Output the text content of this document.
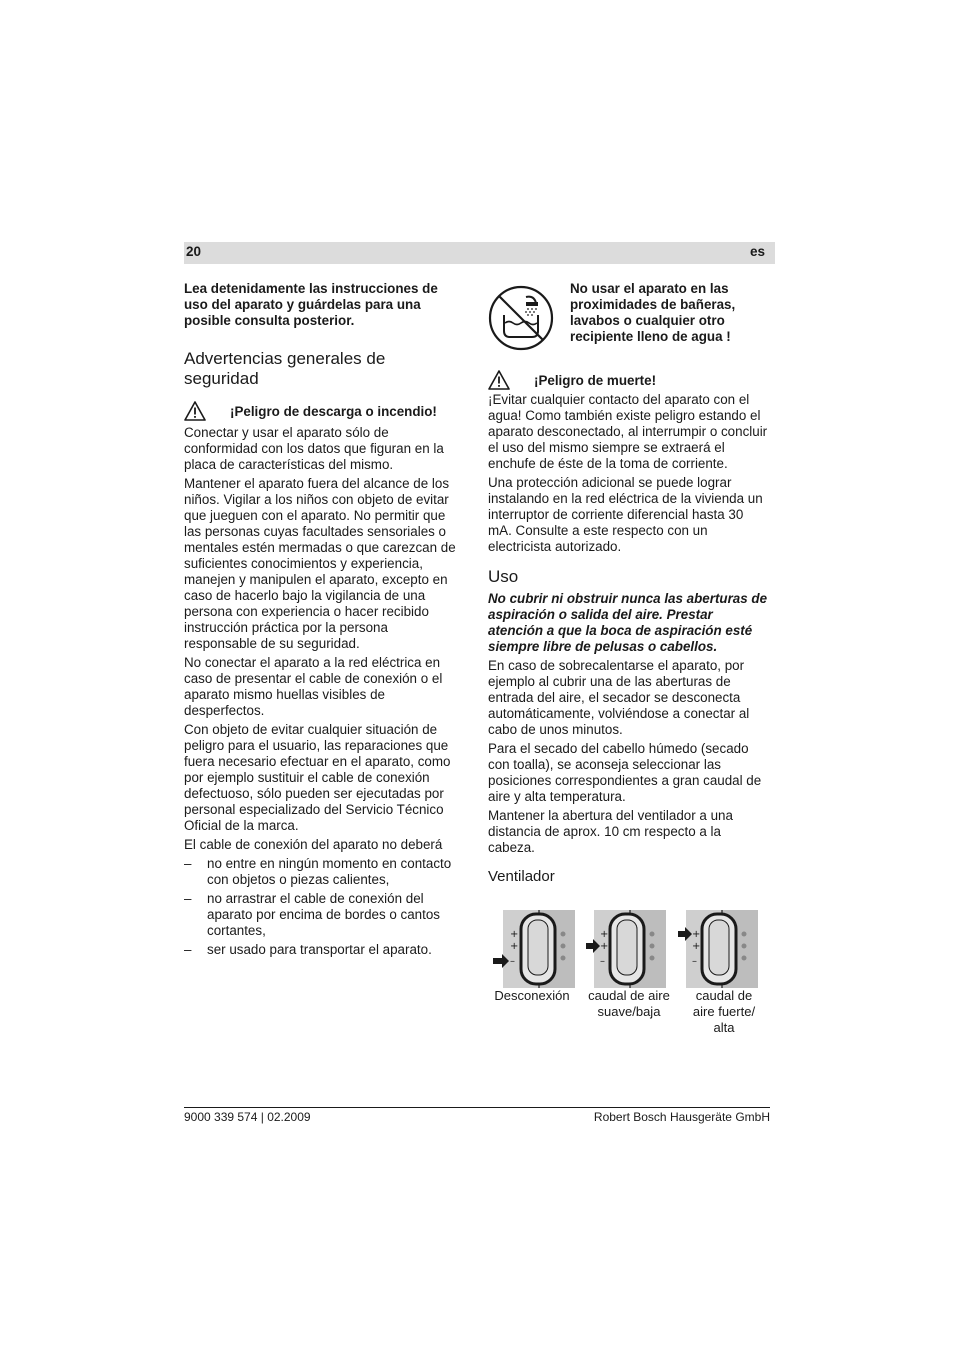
20	es

Lea detenidamente las instrucciones de uso del aparato y guárdelas para una posible consulta posterior.

Advertencias generales de seguridad
¡Peligro de descarga o incendio!

Conectar y usar el aparato sólo de conformidad con los datos que figuran en la placa de características del mismo.

Mantener el aparato fuera del alcance de los niños. Vigilar a los niños con objeto de evitar que jueguen con el aparato. No permitir que las personas cuyas facultades sensoriales o mentales estén mermadas o que carezcan de suficientes conocimientos y experiencia, manejen y manipulen el aparato, excepto en caso de hacerlo bajo la vigilancia de una persona con experiencia o hacer recibido instrucción práctica por la persona responsable de su seguridad.

No conectar el aparato a la red eléctrica en caso de presentar el cable de conexión o el aparato mismo huellas visibles de desperfectos.

Con objeto de evitar cualquier situación de peligro para el usuario, las reparaciones que fuera necesario efectuar en el aparato, como por ejemplo sustituir el cable de conexión defectuoso, sólo pueden ser ejecutadas por personal especializado del Servicio Técnico Oficial de la marca.

El cable de conexión del aparato no deberá

– no entre en ningún momento en contacto con objetos o piezas calientes,
– no arrastrar el cable de conexión del aparato por encima de bordes o cantos cortantes,
– ser usado para transportar el aparato.
No usar el aparato en las proximidades de bañeras, lavabos o cualquier otro recipiente lleno de agua !
¡Peligro de muerte!

¡Evitar cualquier contacto del aparato con el agua! Como también existe peligro estando el aparato desconectado, al interrumpir o concluir el uso del mismo siempre se extraerá el enchufe de éste de la toma de corriente.

Una protección adicional se puede lograr instalando en la red eléctrica de la vivienda un interruptor de corriente diferencial hasta 30 mA. Consulte a este respecto con un electricista autorizado.

Uso

No cubrir ni obstruir nunca las aberturas de aspiración o salida del aire. Prestar atención a que la boca de aspiración esté siempre libre de pelusas o cabellos.

En caso de sobrecalentarse el aparato, por ejemplo al cubrir una de las aberturas de entrada del aire, el secador se desconecta automáticamente, volviéndose a conectar al cabo de unos minutos.

Para el secado del cabello húmedo (secado con toalla), se aconseja seleccionar las posiciones correspondientes a gran caudal de aire y alta temperatura.

Mantener la abertura del ventilador a una distancia de aprox. 10 cm respecto a la cabeza.

Ventilador
+
+
–
+
+
–
+
+
–
Desconexión	caudal de aire suave/baja
caudal de aire fuerte/ alta
9000 339 574 | 02.2009	Robert Bosch Hausgeräte GmbH
